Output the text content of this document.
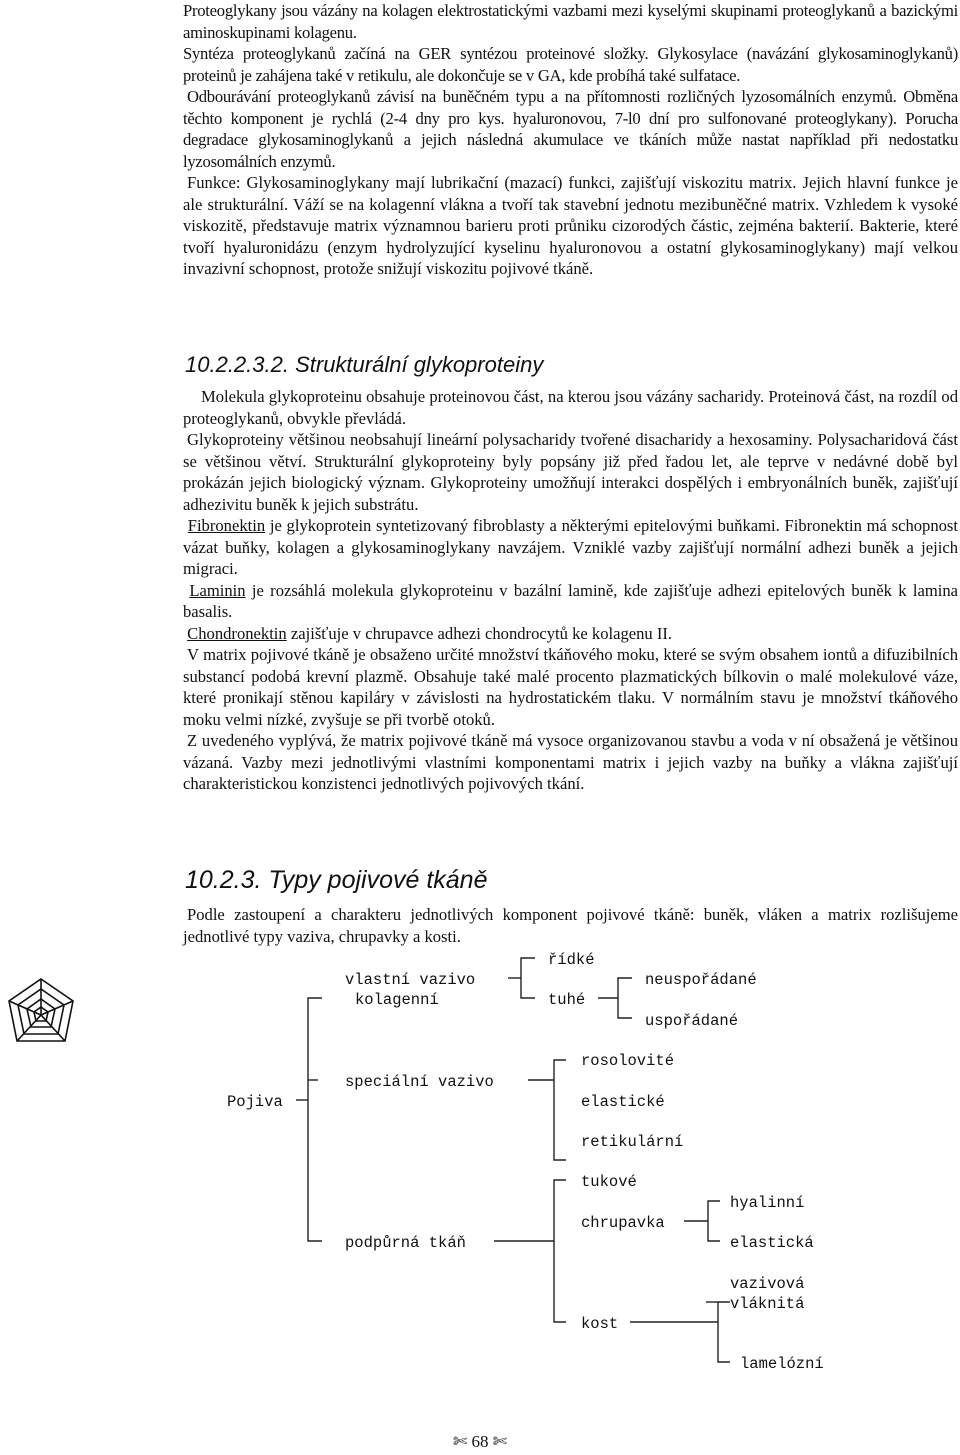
Proteoglykany jsou vázány na kolagen elektrostatickými vazbami mezi kyselými skupinami proteoglykanů a bazickými aminoskupinami kolagenu.

Syntéza proteoglykanů začíná na GER syntézou proteinové složky. Glykosylace (navázání glykosaminoglykanů) proteinů je zahájena také v retikulu, ale dokončuje se v GA, kde probíhá také sulfatace.

Odbourávání proteoglykanů závisí na buněčném typu a na přítomnosti rozličných lyzosomálních enzymů. Obměna těchto komponent je rychlá (2-4 dny pro kys. hyaluronovou, 7-l0 dní pro sulfonované proteoglykany). Porucha degradace glykosaminoglykanů a jejich následná akumulace ve tkáních může nastat například při nedostatku lyzosomálních enzymů.

Funkce: Glykosaminoglykany mají lubrikační (mazací) funkci, zajišťují viskozitu matrix. Jejich hlavní funkce je ale strukturální. Váží se na kolagenní vlákna a tvoří tak stavební jednotu mezibuněčné matrix. Vzhledem k vysoké viskozitě, představuje matrix významnou barieru proti průniku cizorodých částic, zejména bakterií. Bakterie, které tvoří hyaluronidázu (enzym hydrolyzující kyselinu hyaluronovou a ostatní glykosaminoglykany) mají velkou invazivní schopnost, protože snižují viskozitu pojivové tkáně.

10.2.2.3.2. Strukturální glykoproteiny

Molekula glykoproteinu obsahuje proteinovou část, na kterou jsou vázány sacharidy. Proteinová část, na rozdíl od proteoglykanů, obvykle převládá.

Glykoproteiny většinou neobsahují lineární polysacharidy tvořené disacharidy a hexosaminy. Polysacharidová část se většinou větví. Strukturální glykoproteiny byly popsány již před řadou let, ale teprve v nedávné době byl prokázán jejich biologický význam. Glykoproteiny umožňují interakci dospělých i embryonálních buněk, zajišťují adhezivitu buněk k jejich substrátu.

Fibronektin je glykoprotein syntetizovaný fibroblasty a některými epitelovými buňkami. Fibronektin má schopnost vázat buňky, kolagen a glykosaminoglykany navzájem. Vzniklé vazby zajišťují normální adhezi buněk a jejich migraci.

Laminin je rozsáhlá molekula glykoproteinu v bazální lamině, kde zajišťuje adhezi epitelových buněk k lamina basalis.

Chondronektin zajišťuje v chrupavce adhezi chondrocytů ke kolagenu II.

V matrix pojivové tkáně je obsaženo určité množství tkáňového moku, které se svým obsahem iontů a difuzibilních substancí podobá krevní plazmě. Obsahuje také malé procento plazmatických bílkovin o malé molekulové váze, které pronikají stěnou kapiláry v závislosti na hydrostatickém tlaku. V normálním stavu je množství tkáňového moku velmi nízké, zvyšuje se při tvorbě otoků.

Z uvedeného vyplývá, že matrix pojivové tkáně má vysoce organizovanou stavbu a voda v ní obsažená je většinou vázaná. Vazby mezi jednotlivými vlastními komponentami matrix i jejich vazby na buňky a vlákna zajišťují charakteristickou konzistenci jednotlivých pojivových tkání.

10.2.3. Typy pojivové tkáně

Podle zastoupení a charakteru jednotlivých komponent pojivové tkáně: buněk, vláken a matrix rozlišujeme jednotlivé typy vaziva, chrupavky a kosti.

Pojiva
vlastní vazivo
kolagenní
řídké
tuhé
neuspořádané
uspořádané
speciální vazivo
rosolovité
elastické
retikulární
tukové
podpůrná tkáň
chrupavka
hyalinní
elastická
kost
vazivová
vláknitá
lamelózní
✄ 68 ✄
